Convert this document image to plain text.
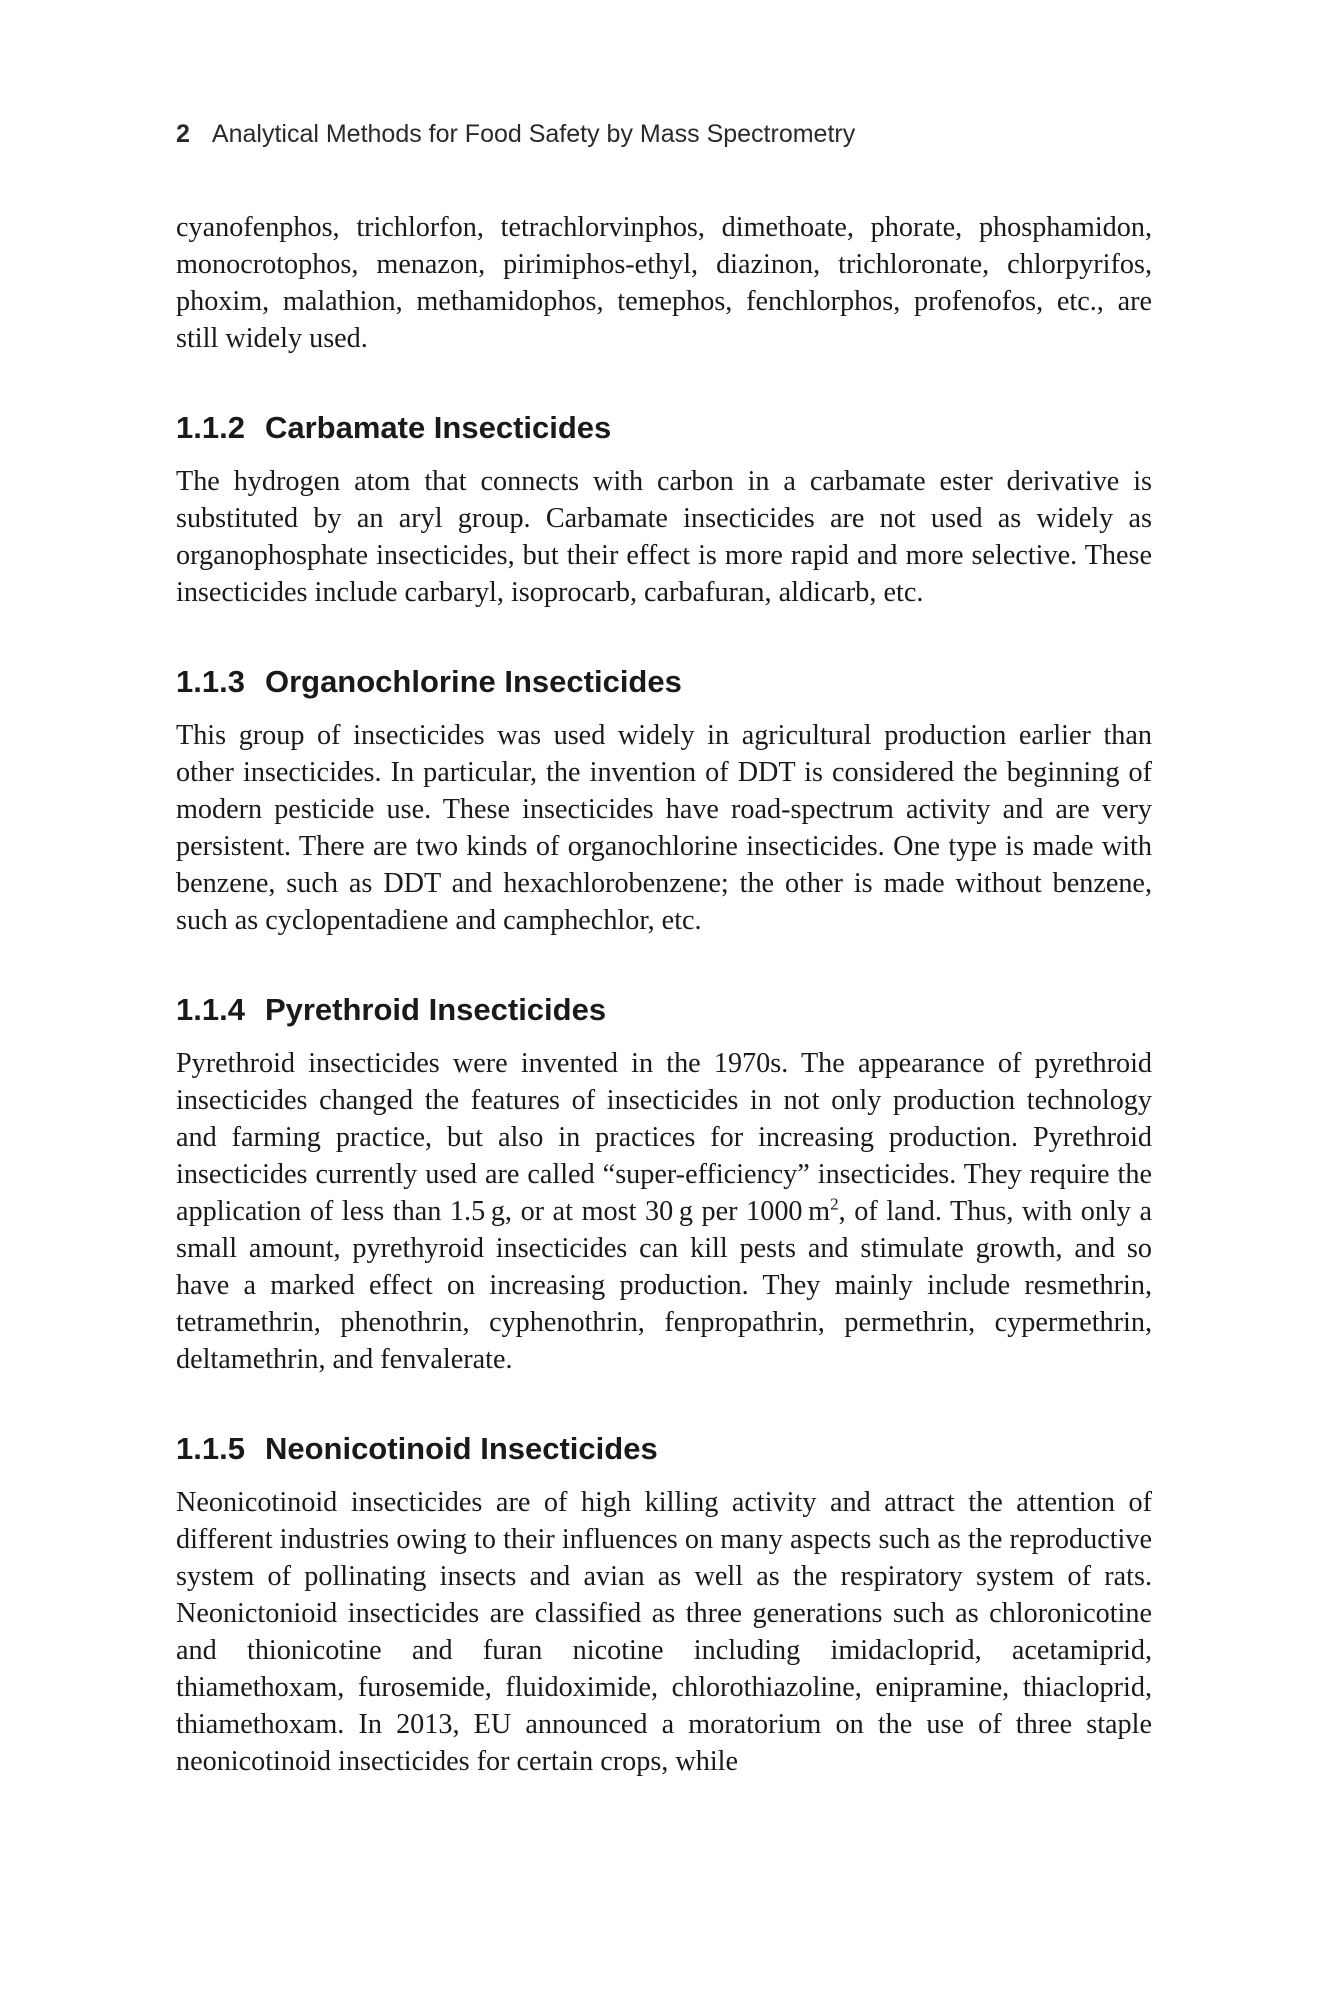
2 Analytical Methods for Food Safety by Mass Spectrometry

cyanofenphos, trichlorfon, tetrachlorvinphos, dimethoate, phorate, phosphamidon, monocrotophos, menazon, pirimiphos-ethyl, diazinon, trichloronate, chlorpyrifos, phoxim, malathion, methamidophos, temephos, fenchlorphos, profenofos, etc., are still widely used.

1.1.2 Carbamate Insecticides

The hydrogen atom that connects with carbon in a carbamate ester derivative is substituted by an aryl group. Carbamate insecticides are not used as widely as organophosphate insecticides, but their effect is more rapid and more selective. These insecticides include carbaryl, isoprocarb, carbafuran, aldicarb, etc.

1.1.3 Organochlorine Insecticides

This group of insecticides was used widely in agricultural production earlier than other insecticides. In particular, the invention of DDT is considered the beginning of modern pesticide use. These insecticides have road-spectrum activity and are very persistent. There are two kinds of organochlorine insecticides. One type is made with benzene, such as DDT and hexachlorobenzene; the other is made without benzene, such as cyclopentadiene and camphechlor, etc.

1.1.4 Pyrethroid Insecticides

Pyrethroid insecticides were invented in the 1970s. The appearance of pyrethroid insecticides changed the features of insecticides in not only production technology and farming practice, but also in practices for increasing production. Pyrethroid insecticides currently used are called “super-efficiency” insecticides. They require the application of less than 1.5 g, or at most 30 g per 1000 $m^2$, of land. Thus, with only a small amount, pyrethyroid insecticides can kill pests and stimulate growth, and so have a marked effect on increasing production. They mainly include resmethrin, tetramethrin, phenothrin, cyphenothrin, fenpropathrin, permethrin, cypermethrin, deltamethrin, and fenvalerate.

1.1.5 Neonicotinoid Insecticides

Neonicotinoid insecticides are of high killing activity and attract the attention of different industries owing to their influences on many aspects such as the reproductive system of pollinating insects and avian as well as the respiratory system of rats. Neonictonioid insecticides are classified as three generations such as chloronicotine and thionicotine and furan nicotine including imidacloprid, acetamiprid, thiamethoxam, furosemide, fluidoximide, chlorothiazoline, enipramine, thiacloprid, thiamethoxam. In 2013, EU announced a moratorium on the use of three staple neonicotinoid insecticides for certain crops, while
